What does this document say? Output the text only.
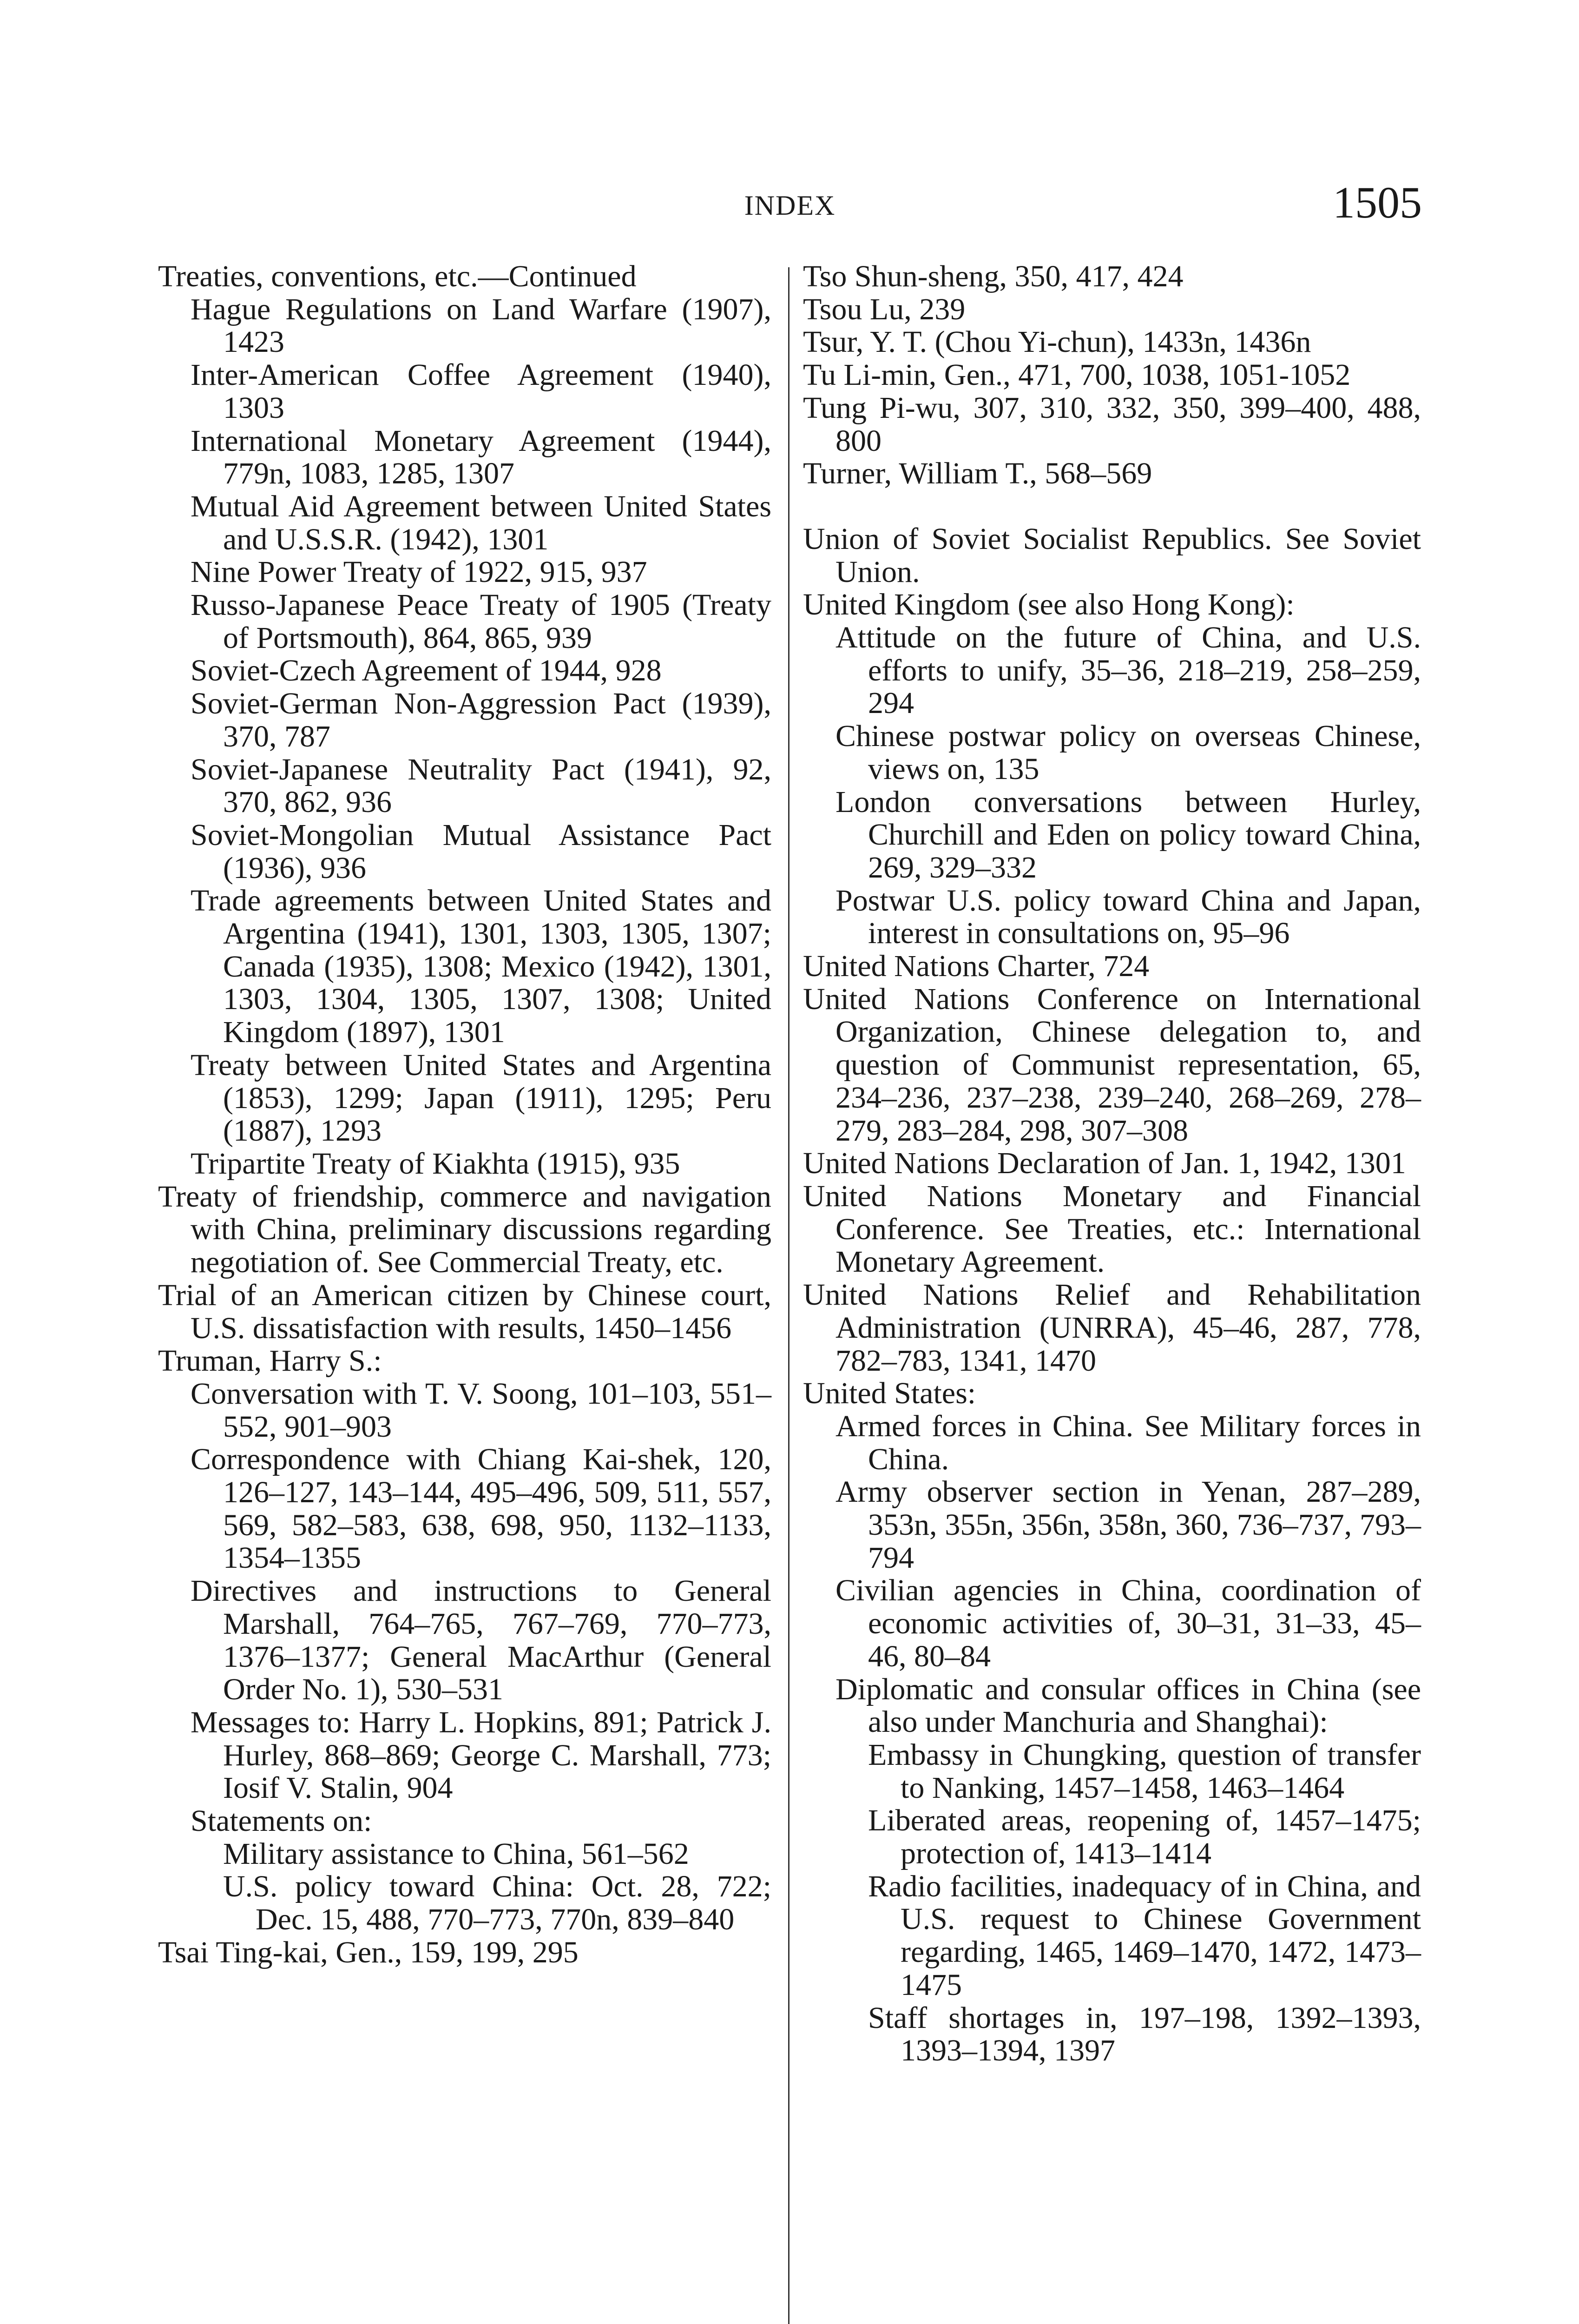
INDEX	1505
Treaties, conventions, etc.—Continued
Hague Regulations on Land Warfare (1907), 1423
Inter-American Coffee Agreement (1940), 1303
International Monetary Agreement (1944), 779n, 1083, 1285, 1307
Mutual Aid Agreement between United States and U.S.S.R. (1942), 1301
Nine Power Treaty of 1922, 915, 937
Russo-Japanese Peace Treaty of 1905 (Treaty of Portsmouth), 864, 865, 939
Soviet-Czech Agreement of 1944, 928
Soviet-German Non-Aggression Pact (1939), 370, 787
Soviet-Japanese Neutrality Pact (1941), 92, 370, 862, 936
Soviet-Mongolian Mutual Assistance Pact (1936), 936
Trade agreements between United States and Argentina (1941), 1301, 1303, 1305, 1307; Canada (1935), 1308; Mexico (1942), 1301, 1303, 1304, 1305, 1307, 1308; United Kingdom (1897), 1301
Treaty between United States and Argentina (1853), 1299; Japan (1911), 1295; Peru (1887), 1293
Tripartite Treaty of Kiakhta (1915), 935
Treaty of friendship, commerce and navigation with China, preliminary discussions regarding negotiation of. See Commercial Treaty, etc.
Trial of an American citizen by Chinese court, U.S. dissatisfaction with results, 1450–1456
Truman, Harry S.:
Conversation with T. V. Soong, 101–103, 551–552, 901–903
Correspondence with Chiang Kai-shek, 120, 126–127, 143–144, 495–496, 509, 511, 557, 569, 582–583, 638, 698, 950, 1132–1133, 1354–1355
Directives and instructions to General Marshall, 764–765, 767–769, 770–773, 1376–1377; General MacArthur (General Order No. 1), 530–531
Messages to: Harry L. Hopkins, 891; Patrick J. Hurley, 868–869; George C. Marshall, 773; Iosif V. Stalin, 904
Statements on:
Military assistance to China, 561–562
U.S. policy toward China: Oct. 28, 722; Dec. 15, 488, 770–773, 770n, 839–840
Tsai Ting-kai, Gen., 159, 199, 295
Tso Shun-sheng, 350, 417, 424
Tsou Lu, 239
Tsur, Y. T. (Chou Yi-chun), 1433n, 1436n
Tu Li-min, Gen., 471, 700, 1038, 1051-1052
Tung Pi-wu, 307, 310, 332, 350, 399–400, 488, 800
Turner, William T., 568–569
Union of Soviet Socialist Republics. See Soviet Union.
United Kingdom (see also Hong Kong):
Attitude on the future of China, and U.S. efforts to unify, 35–36, 218–219, 258–259, 294
Chinese postwar policy on overseas Chinese, views on, 135
London conversations between Hurley, Churchill and Eden on policy toward China, 269, 329–332
Postwar U.S. policy toward China and Japan, interest in consultations on, 95–96
United Nations Charter, 724
United Nations Conference on International Organization, Chinese delegation to, and question of Communist representation, 65, 234–236, 237–238, 239–240, 268–269, 278–279, 283–284, 298, 307–308
United Nations Declaration of Jan. 1, 1942, 1301
United Nations Monetary and Financial Conference. See Treaties, etc.: International Monetary Agreement.
United Nations Relief and Rehabilitation Administration (UNRRA), 45–46, 287, 778, 782–783, 1341, 1470
United States:
Armed forces in China. See Military forces in China.
Army observer section in Yenan, 287–289, 353n, 355n, 356n, 358n, 360, 736–737, 793–794
Civilian agencies in China, coordination of economic activities of, 30–31, 31–33, 45–46, 80–84
Diplomatic and consular offices in China (see also under Manchuria and Shanghai):
Embassy in Chungking, question of transfer to Nanking, 1457–1458, 1463–1464
Liberated areas, reopening of, 1457–1475; protection of, 1413–1414
Radio facilities, inadequacy of in China, and U.S. request to Chinese Government regarding, 1465, 1469–1470, 1472, 1473–1475
Staff shortages in, 197–198, 1392–1393, 1393–1394, 1397
